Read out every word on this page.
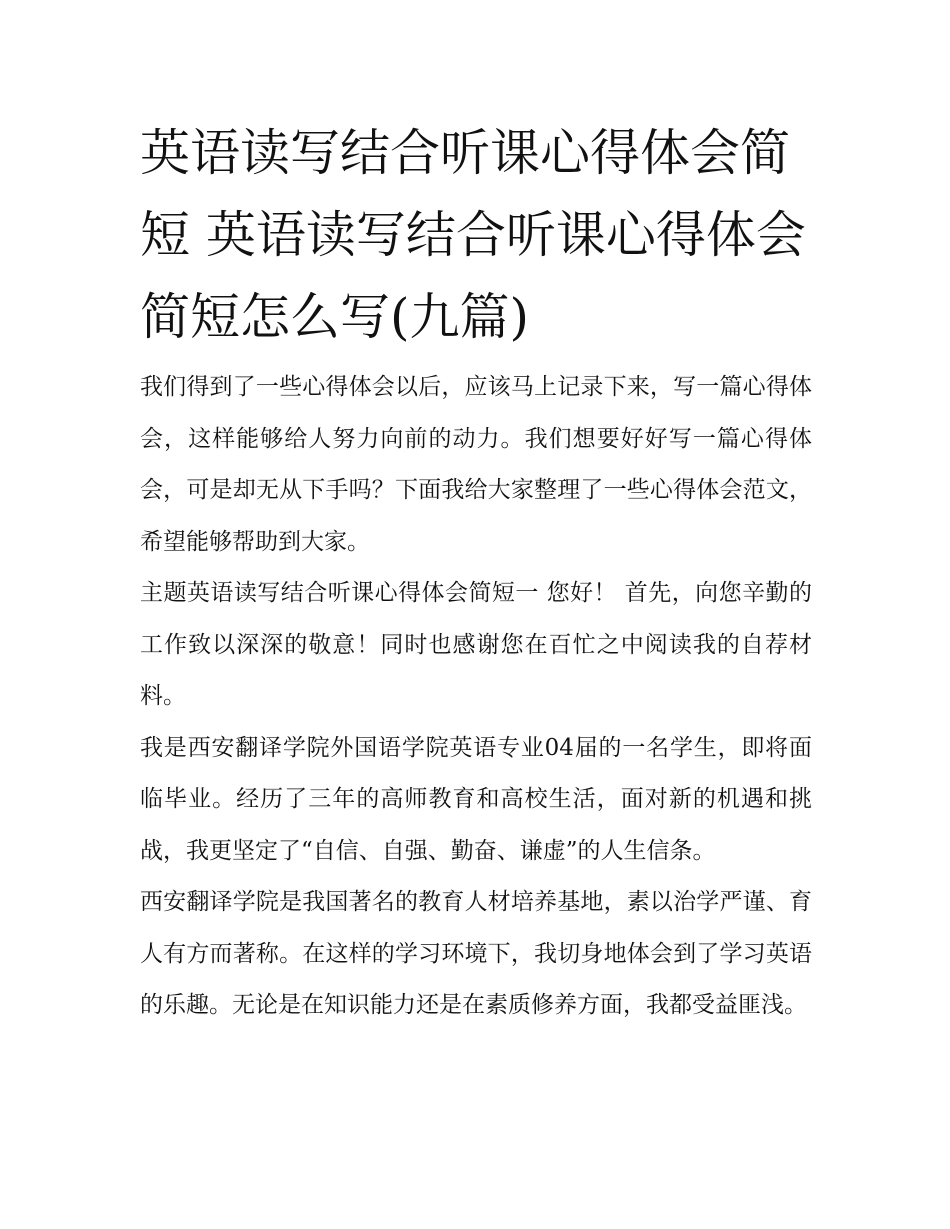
英语读写结合听课心得体会简短 英语读写结合听课心得体会简短怎么写(九篇)

我们得到了一些心得体会以后，应该马上记录下来，写一篇心得体会，这样能够给人努力向前的动力。我们想要好好写一篇心得体会，可是却无从下手吗？下面我给大家整理了一些心得体会范文，希望能够帮助到大家。

主题英语读写结合听课心得体会简短一 您好！ 首先，向您辛勤的工作致以深深的敬意！同时也感谢您在百忙之中阅读我的自荐材料。

我是西安翻译学院外国语学院英语专业04届的一名学生，即将面临毕业。经历了三年的高师教育和高校生活，面对新的机遇和挑战，我更坚定了“自信、自强、勤奋、谦虚”的人生信条。

西安翻译学院是我国著名的教育人材培养基地，素以治学严谨、育人有方而著称。在这样的学习环境下，我切身地体会到了学习英语的乐趣。无论是在知识能力还是在素质修养方面，我都受益匪浅。
